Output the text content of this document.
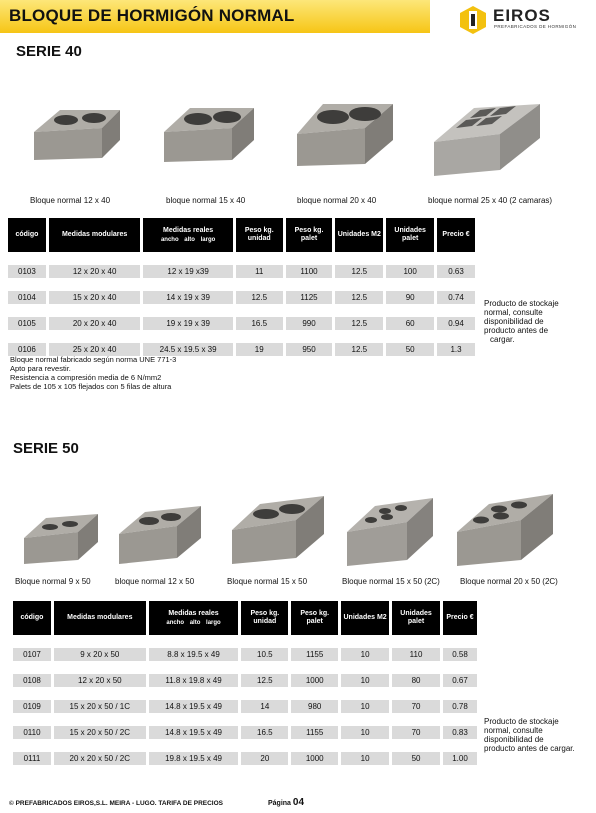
BLOQUE DE HORMIGÓN NORMAL	EIROS
PREFABRICADOS DE HORMIGÓN
SERIE 40
Bloque normal 12 x 40	bloque normal 15 x 40	bloque normal 20 x 40	bloque normal 25 x 40 (2 camaras)
código	Medidas modulares	Medidas reales
ancho alto largo	Peso kg. unidad	Peso kg. palet	Unidades M2	Unidades palet	Precio €

0103	12 x 20 x 40	12 x 19 x39	11	1100	12.5	100	0.63

0104	15 x 20 x 40	14 x 19 x 39	12.5	1125	12.5	90	0.74

0105	20 x 20 x 40	19 x 19 x 39	16.5	990	12.5	60	0.94

0106	25 x 20 x 40	24.5 x 19.5 x 39	19	950	12.5	50	1.3
Producto de stockaje
normal, consulte
disponibilidad de
producto antes de
cargar.
Bloque normal fabricado según norma UNE 771-3
Apto para revestir.
Resistencia a compresión media de 6 N/mm2
Palets de 105 x 105 flejados con 5 filas de altura
SERIE 50
Bloque normal 9 x 50	bloque normal 12 x 50	Bloque normal 15 x 50	Bloque normal 15 x 50 (2C)	Bloque normal 20 x 50 (2C)
código	Medidas modulares	Medidas reales
ancho alto largo	Peso kg. unidad	Peso kg. palet	Unidades M2	Unidades palet	Precio €

0107	9 x 20 x 50	8.8 x 19.5 x 49	10.5	1155	10	110	0.58

0108	12 x 20 x 50	11.8 x 19.8 x 49	12.5	1000	10	80	0.67

0109	15 x 20 x 50 / 1C	14.8 x 19.5 x 49	14	980	10	70	0.78

0110	15 x 20 x 50 / 2C	14.8 x 19.5 x 49	16.5	1155	10	70	0.83

0111	20 x 20 x 50 / 2C	19.8 x 19.5 x 49	20	1000	10	50	1.00
Producto de stockaje
normal, consulte
disponibilidad de
producto antes de cargar.
© PREFABRICADOS EIROS,S.L. MEIRA - LUGO. TARIFA DE PRECIOS	Página 04
